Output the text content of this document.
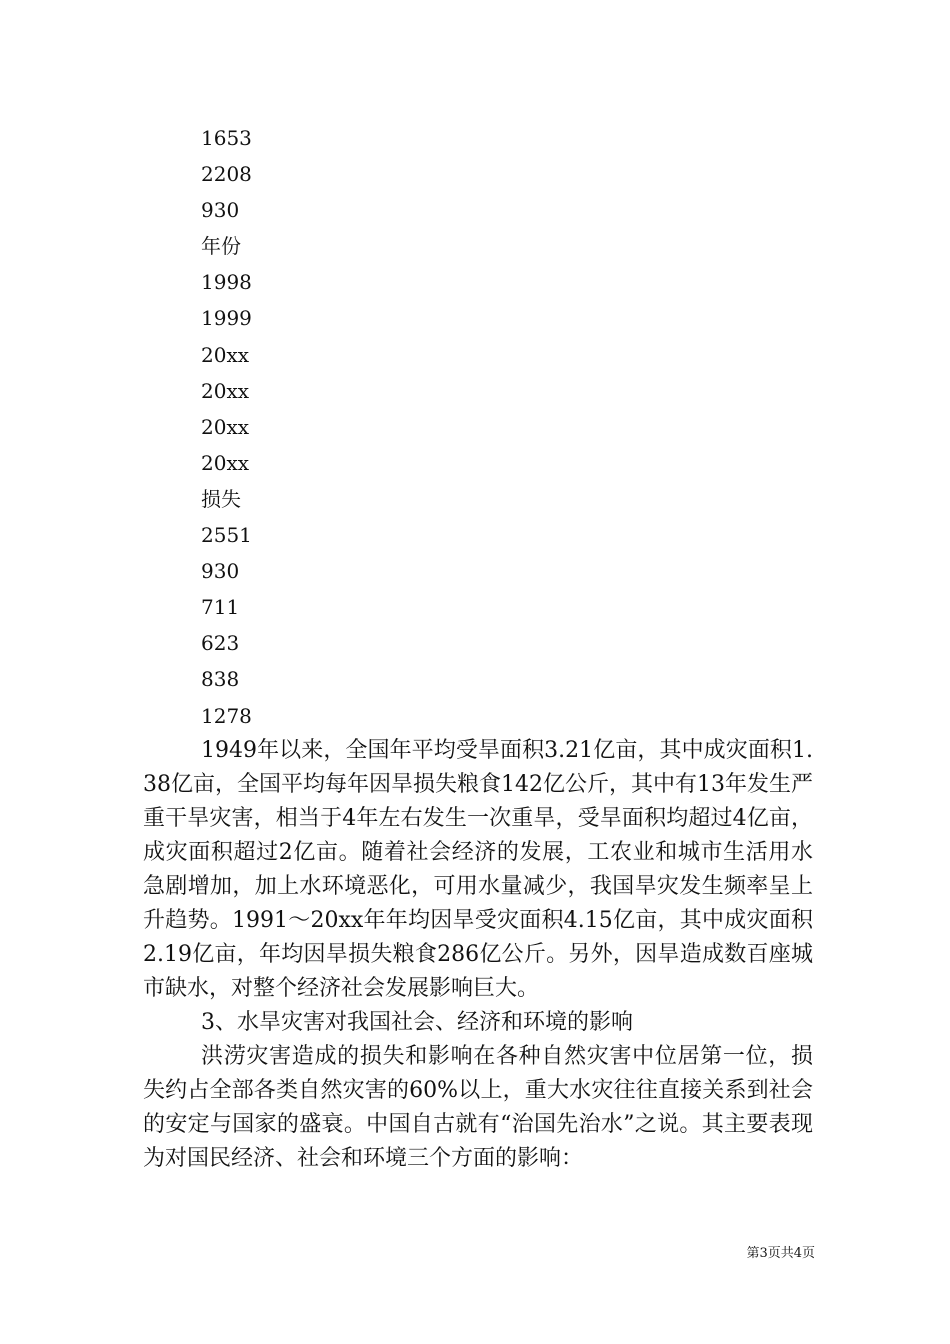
1653
2208
930
年份
1998
1999
20xx
20xx
20xx
20xx
损失
2551
930
711
623
838
1278

1949年以来，全国年平均受旱面积3.21亿亩，其中成灾面积1.38亿亩，全国平均每年因旱损失粮食142亿公斤，其中有13年发生严重干旱灾害，相当于4年左右发生一次重旱，受旱面积均超过4亿亩，成灾面积超过2亿亩。随着社会经济的发展，工农业和城市生活用水急剧增加，加上水环境恶化，可用水量减少，我国旱灾发生频率呈上升趋势。1991～20xx年年均因旱受灾面积4.15亿亩，其中成灾面积2.19亿亩，年均因旱损失粮食286亿公斤。另外，因旱造成数百座城市缺水，对整个经济社会发展影响巨大。

3、水旱灾害对我国社会、经济和环境的影响

洪涝灾害造成的损失和影响在各种自然灾害中位居第一位，损失约占全部各类自然灾害的60%以上，重大水灾往往直接关系到社会的安定与国家的盛衰。中国自古就有“治国先治水”之说。其主要表现为对国民经济、社会和环境三个方面的影响：

第3页共4页
